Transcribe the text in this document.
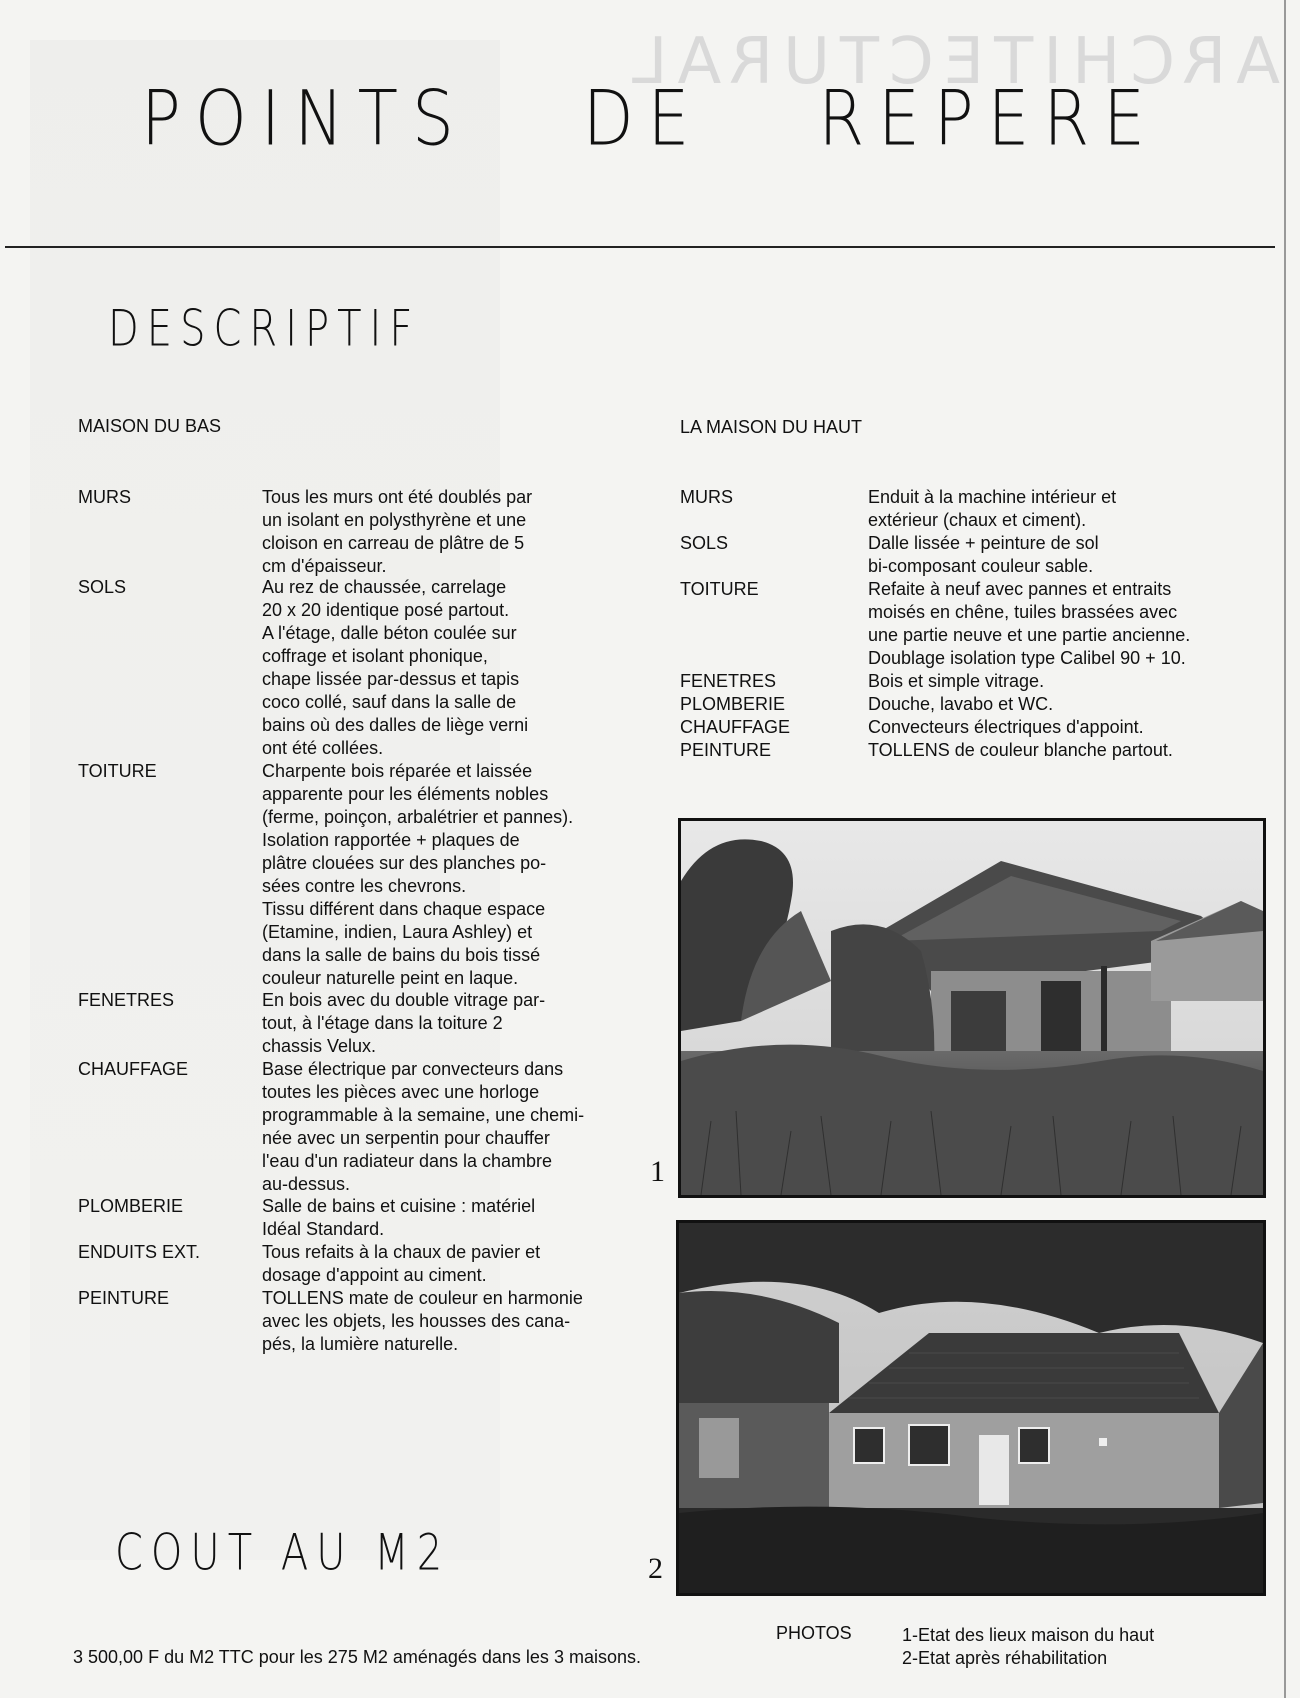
ARCHITECTURAL
POINTS DE REPERE
DESCRIPTIF
COUT AU M2
MAISON DU BAS
MURS	Tous les murs ont été doublés par
un isolant en polysthyrène et une
cloison en carreau de plâtre de 5
cm d'épaisseur.
SOLS	Au rez de chaussée, carrelage
20 x 20 identique posé partout.
A l'étage, dalle béton coulée sur
coffrage et isolant phonique,
chape lissée par-dessus et tapis
coco collé, sauf dans la salle de
bains où des dalles de liège verni
ont été collées.
TOITURE	Charpente bois réparée et laissée
apparente pour les éléments nobles
(ferme, poinçon, arbalétrier et pannes).
Isolation rapportée + plaques de
plâtre clouées sur des planches po-
sées contre les chevrons.
Tissu différent dans chaque espace
(Etamine, indien, Laura Ashley) et
dans la salle de bains du bois tissé
couleur naturelle peint en laque.
FENETRES	En bois avec du double vitrage par-
tout, à l'étage dans la toiture 2
chassis Velux.
CHAUFFAGE	Base électrique par convecteurs dans
toutes les pièces avec une horloge
programmable à la semaine, une chemi-
née avec un serpentin pour chauffer
l'eau d'un radiateur dans la chambre
au-dessus.
PLOMBERIE	Salle de bains et cuisine : matériel
Idéal Standard.
ENDUITS EXT.	Tous refaits à la chaux de pavier et
dosage d'appoint au ciment.
PEINTURE	TOLLENS mate de couleur en harmonie
avec les objets, les housses des cana-
pés, la lumière naturelle.
LA MAISON DU HAUT
MURS	Enduit à la machine intérieur et
extérieur (chaux et ciment).
SOLS	Dalle lissée + peinture de sol
bi-composant couleur sable.
TOITURE	Refaite à neuf avec pannes et entraits
moisés en chêne, tuiles brassées avec
une partie neuve et une partie ancienne.
Doublage isolation type Calibel 90 + 10.
FENETRES	Bois et simple vitrage.
PLOMBERIE	Douche, lavabo et WC.
CHAUFFAGE	Convecteurs électriques d'appoint.
PEINTURE	TOLLENS de couleur blanche partout.
1
2
PHOTOS	1-Etat des lieux maison du haut
2-Etat après réhabilitation
3 500,00 F du M2 TTC pour les 275 M2 aménagés dans les 3 maisons.
